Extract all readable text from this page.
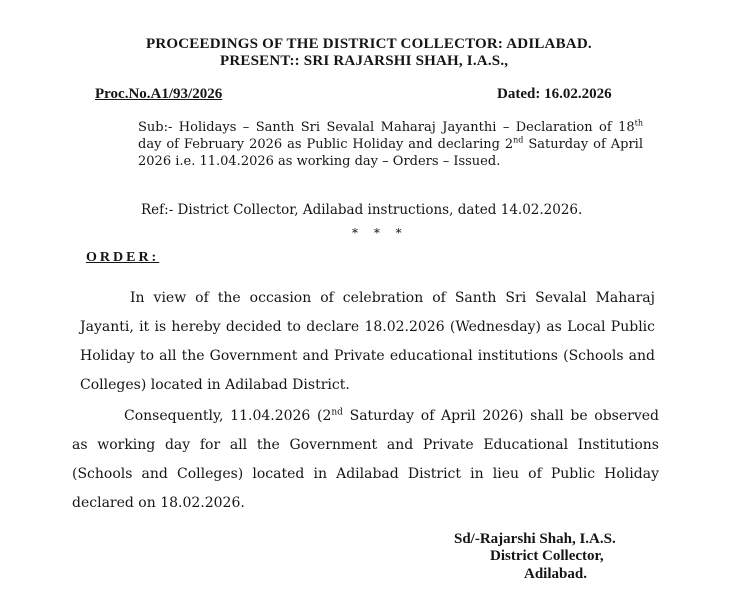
PROCEEDINGS OF THE DISTRICT COLLECTOR: ADILABAD.
PRESENT:: SRI RAJARSHI SHAH, I.A.S.,
Proc.No.A1/93/2026	Dated: 16.02.2026
Sub:- Holidays – Santh Sri Sevalal Maharaj Jayanthi – Declaration of 18th day of February 2026 as Public Holiday and declaring 2nd Saturday of April 2026 i.e. 11.04.2026 as working day – Orders – Issued.
Ref:- District Collector, Adilabad instructions, dated 14.02.2026.
* * *
ORDER:
In view of the occasion of celebration of Santh Sri Sevalal Maharaj Jayanti, it is hereby decided to declare 18.02.2026 (Wednesday) as Local Public Holiday to all the Government and Private educational institutions (Schools and Colleges) located in Adilabad District.
Consequently, 11.04.2026 (2nd Saturday of April 2026) shall be observed as working day for all the Government and Private Educational Institutions (Schools and Colleges) located in Adilabad District in lieu of Public Holiday declared on 18.02.2026.
Sd/-Rajarshi Shah, I.A.S.
District Collector,
Adilabad.
